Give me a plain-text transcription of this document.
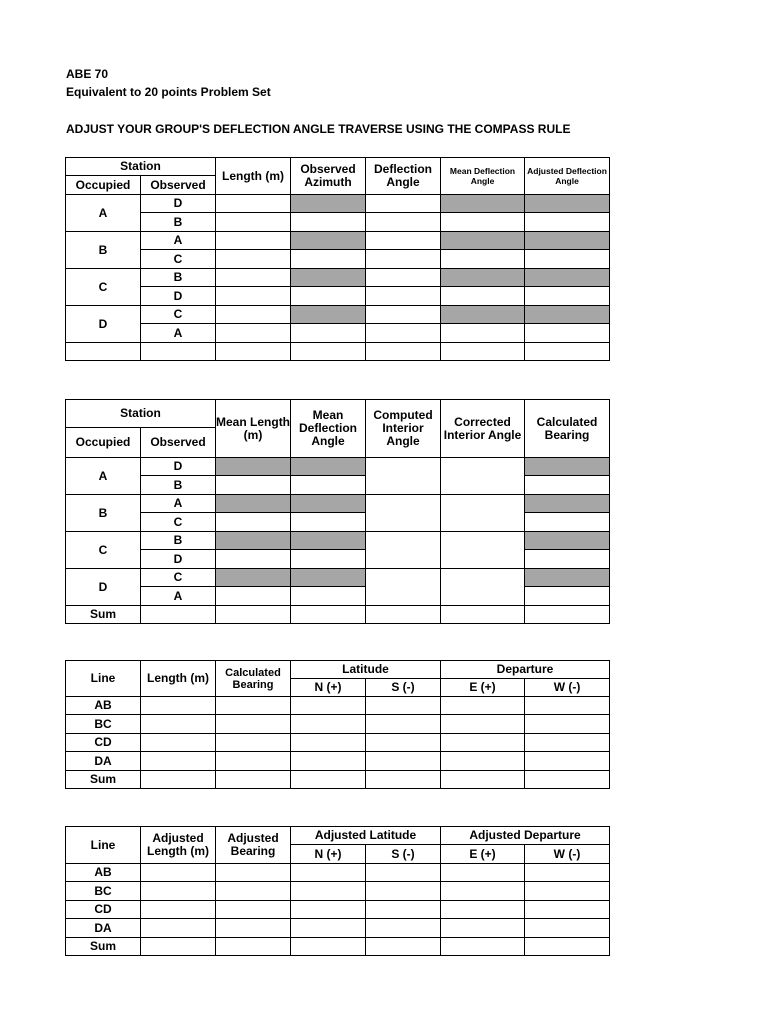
ABE 70
Equivalent to 20 points Problem Set
ADJUST YOUR GROUP'S DEFLECTION ANGLE TRAVERSE USING THE COMPASS RULE
Station		Length (m)	Observed Azimuth	Deflection Angle	Mean Deflection Angle	Adjusted Deflection Angle
Occupied	Observed					
A	D					
	B					
B	A					
	C					
C	B					
	D					
D	C					
	A					

Station		Mean Length (m)	Mean Deflection Angle	Computed Interior Angle	Corrected Interior Angle	Calculated Bearing
Occupied	Observed					
A	D					
	B					
B	A					
	C					
C	B					
	D					
D	C					
	A					
Sum						
Line	Length (m)	Calculated Bearing	Latitude		Departure	
			N (+)	S (-)	E (+)	W (-)
AB						
BC						
CD						
DA						
Sum						
Line	Adjusted Length (m)	Adjusted Bearing	Adjusted Latitude		Adjusted Departure	
			N (+)	S (-)	E (+)	W (-)
AB						
BC						
CD						
DA						
Sum						
